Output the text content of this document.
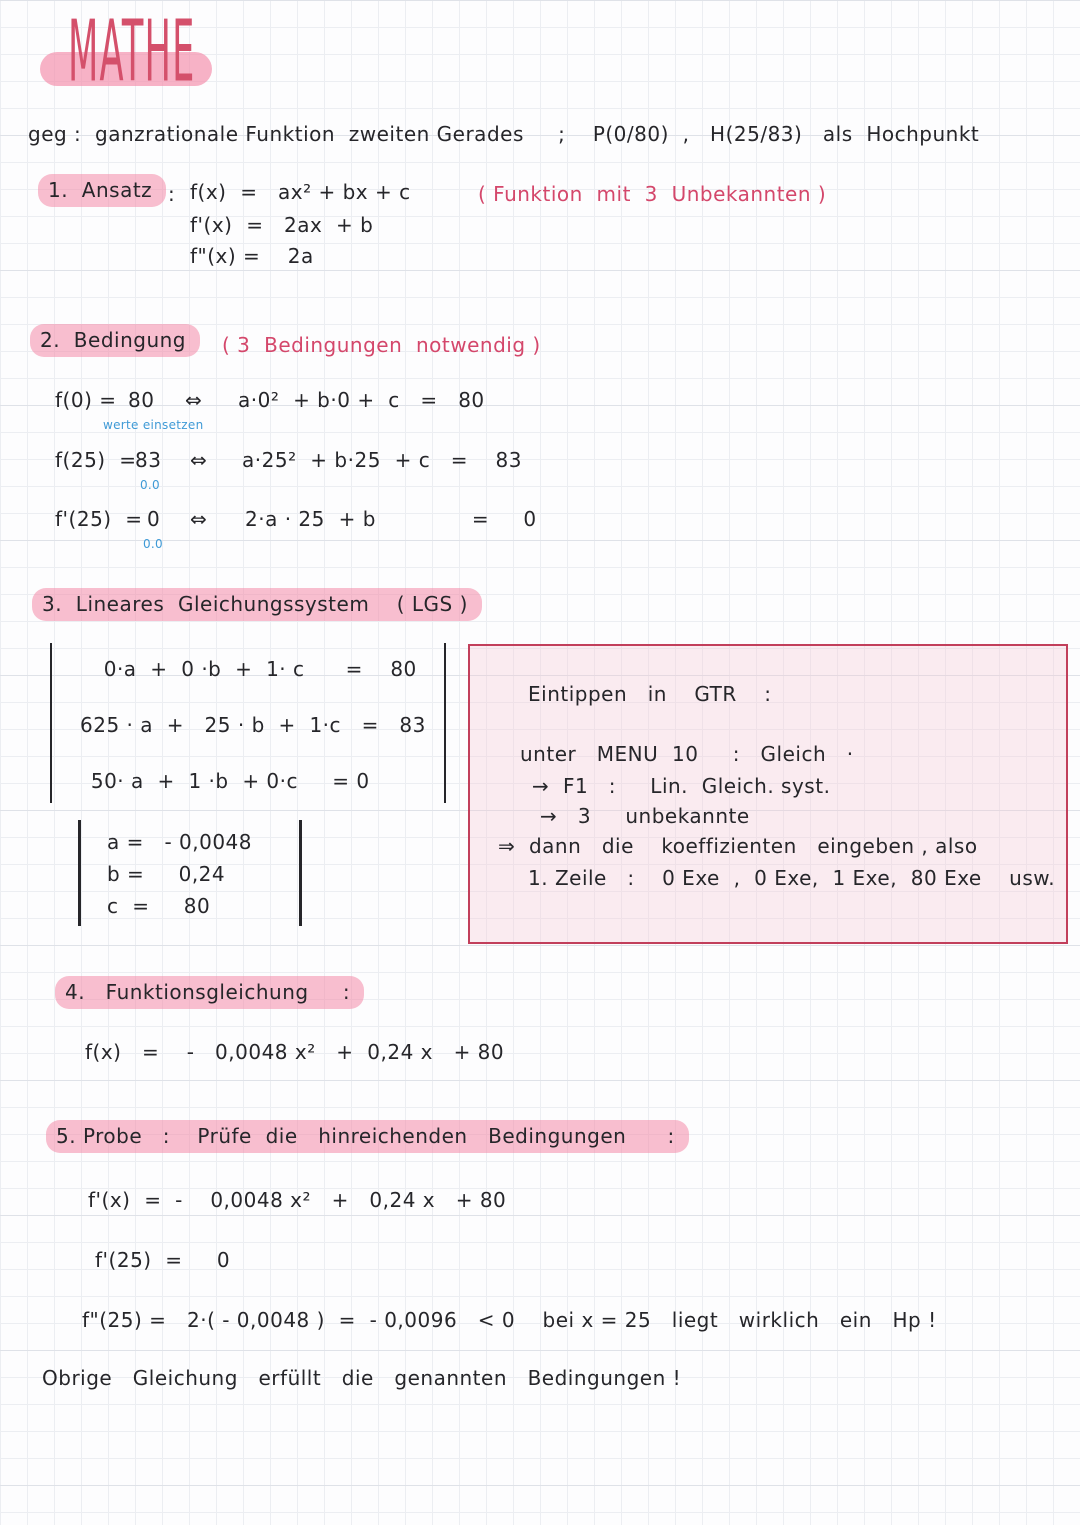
MATHE
geg :  ganzrationale Funktion  zweiten Gerades     ;    P(0/80)  ,   H(25/83)   als  Hochpunkt
1.  Ansatz : f(x)  =   ax² + bx + c	( Funktion  mit  3  Unbekannten )
f'(x)  =   2ax  + b
f"(x) =    2a
2.  Bedingung	( 3  Bedingungen  notwendig )
f(0) = 80
werte einsetzen
⇔ a·0²  + b·0 +  c   =   80
f(25)  =
83
0.0
⇔ a·25²  + b·25  + c   =    83
f'(25)  = 0
0.0
⇔ 2·a · 25  + b              =     0
3.  Lineares  Gleichungssystem    ( LGS )
0·a  +  0 ·b  +  1· c      =    80
625 · a  +   25 · b  +  1·c   =   83
50· a  +  1 ·b  + 0·c     = 0
a =   - 0,0048
b =     0,24
c  =     80
Eintippen   in    GTR    :
unter   MENU  10     :   Gleich   ·
→  F1   :     Lin.  Gleich. syst.
→   3     unbekannte
⇒  dann   die    koeffizienten   eingeben , also
1. Zeile   :    0 Exe  ,  0 Exe,  1 Exe,  80 Exe    usw.
4.   Funktionsgleichung     :
f(x)   =    -   0,0048 x²   +  0,24 x   + 80
5. Probe   :    Prüfe  die   hinreichenden   Bedingungen      :
f'(x)  =  -    0,0048 x²   +   0,24 x   + 80
f'(25)  =     0
f"(25) =   2·( - 0,0048 )  =  - 0,0096   < 0    bei x = 25   liegt   wirklich   ein   Hp !
Obrige   Gleichung   erfüllt   die   genannten   Bedingungen !
